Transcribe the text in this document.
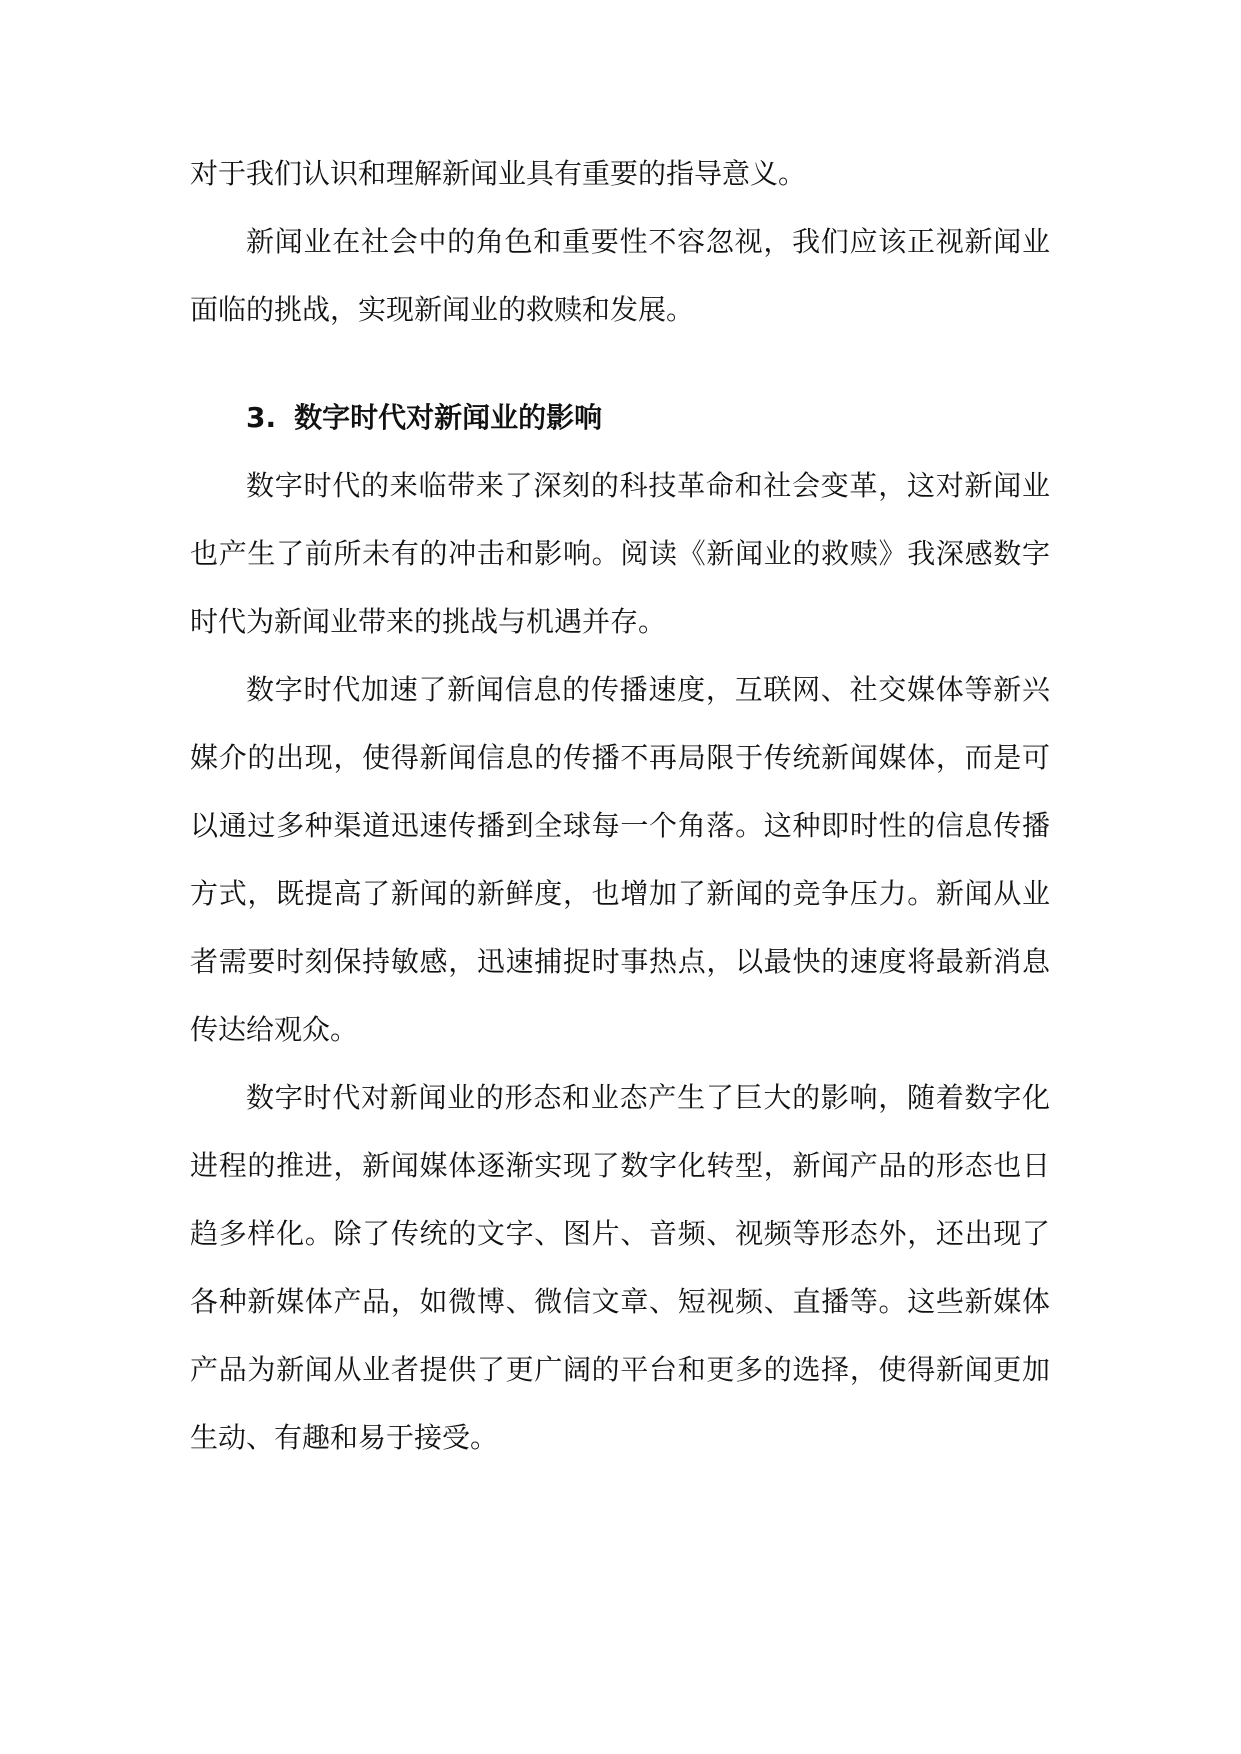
对于我们认识和理解新闻业具有重要的指导意义。
新闻业在社会中的角色和重要性不容忽视，我们应该正视新闻业
面临的挑战，实现新闻业的救赎和发展。
3. 数字时代对新闻业的影响
数字时代的来临带来了深刻的科技革命和社会变革，这对新闻业
也产生了前所未有的冲击和影响。阅读《新闻业的救赎》我深感数字
时代为新闻业带来的挑战与机遇并存。
数字时代加速了新闻信息的传播速度，互联网、社交媒体等新兴
媒介的出现，使得新闻信息的传播不再局限于传统新闻媒体，而是可
以通过多种渠道迅速传播到全球每一个角落。这种即时性的信息传播
方式，既提高了新闻的新鲜度，也增加了新闻的竞争压力。新闻从业
者需要时刻保持敏感，迅速捕捉时事热点，以最快的速度将最新消息
传达给观众。
数字时代对新闻业的形态和业态产生了巨大的影响，随着数字化
进程的推进，新闻媒体逐渐实现了数字化转型，新闻产品的形态也日
趋多样化。除了传统的文字、图片、音频、视频等形态外，还出现了
各种新媒体产品，如微博、微信文章、短视频、直播等。这些新媒体
产品为新闻从业者提供了更广阔的平台和更多的选择，使得新闻更加
生动、有趣和易于接受。
